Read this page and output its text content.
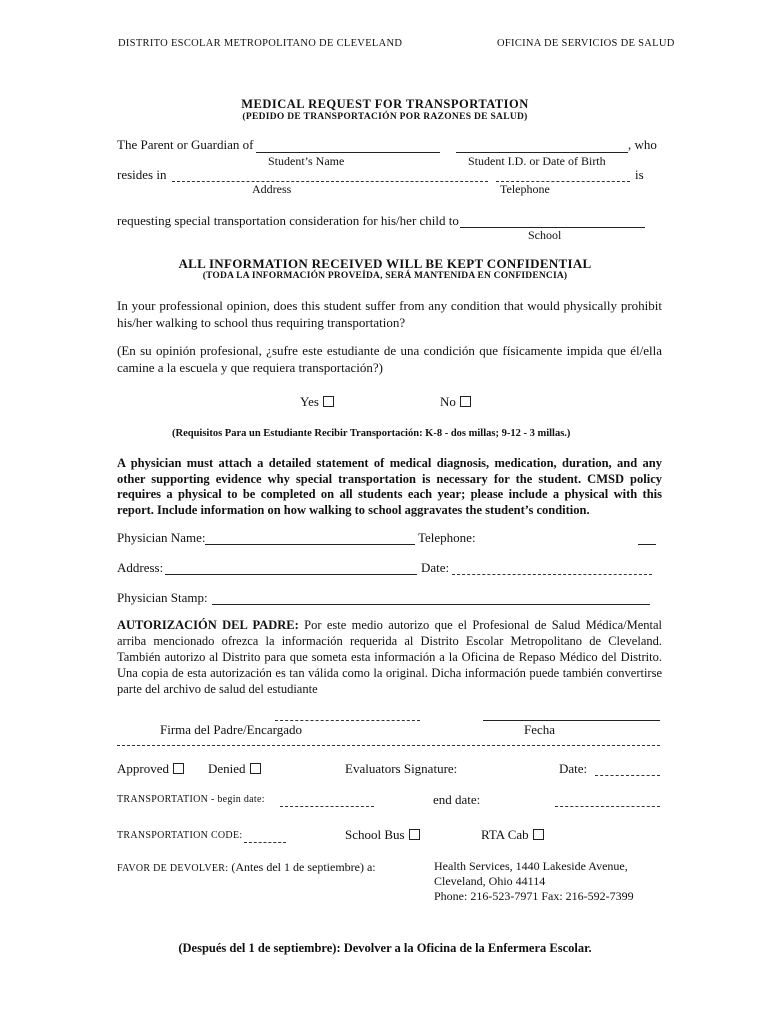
DISTRITO ESCOLAR METROPOLITANO DE CLEVELAND	OFICINA DE SERVICIOS DE SALUD
MEDICAL REQUEST FOR TRANSPORTATION
(PEDIDO DE TRANSPORTACIÓN POR RAZONES DE SALUD)
The Parent or Guardian of	, who
Student’s Name	Student I.D. or Date of Birth
resides in	is
Address	Telephone
requesting special transportation consideration for his/her child to
School
ALL INFORMATION RECEIVED WILL BE KEPT CONFIDENTIAL
(TODA LA INFORMACIÓN PROVEÍDA, SERÁ MANTENIDA EN CONFIDENCIA)
In your professional opinion, does this student suffer from any condition that would physically prohibit his/her walking to school thus requiring transportation?
(En su opinión profesional, ¿sufre este estudiante de una condición que físicamente impida que él/ella camine a la escuela y que requiera transportación?)
Yes	No
(Requisitos Para un Estudiante Recibir Transportación: K-8 - dos millas; 9-12 - 3 millas.)
A physician must attach a detailed statement of medical diagnosis, medication, duration, and any other supporting evidence why special transportation is necessary for the student. CMSD policy requires a physical to be completed on all students each year; please include a physical with this report. Include information on how walking to school aggravates the student’s condition.
Physician Name:	Telephone:
Address:	Date:
Physician Stamp:
AUTORIZACIÓN DEL PADRE: Por este medio autorizo que el Profesional de Salud Médica/Mental arriba mencionado ofrezca la información requerida al Distrito Escolar Metropolitano de Cleveland. También autorizo al Distrito para que someta esta información a la Oficina de Repaso Médico del Distrito. Una copia de esta autorización es tan válida como la original. Dicha información puede también convertirse parte del archivo de salud del estudiante
Firma del Padre/Encargado	Fecha
Approved	Denied	Evaluators Signature:	Date:
TRANSPORTATION - begin date:	end date:
TRANSPORTATION CODE:	School Bus	RTA Cab
FAVOR DE DEVOLVER: (Antes del 1 de septiembre) a:	Health Services, 1440 Lakeside Avenue,
Cleveland, Ohio 44114
Phone: 216-523-7971 Fax: 216-592-7399
(Después del 1 de septiembre): Devolver a la Oficina de la Enfermera Escolar.
